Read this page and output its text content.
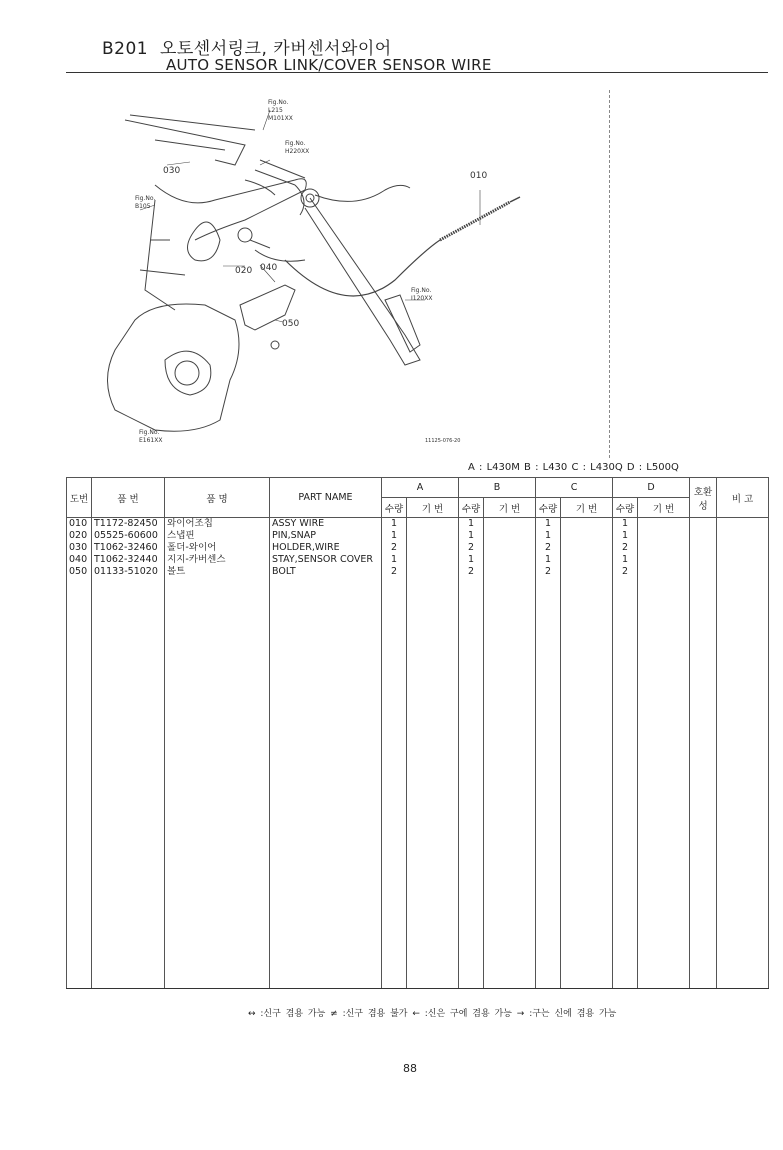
B201 오토센서링크, 카버센서와이어
AUTO SENSOR LINK/COVER SENSOR WIRE
Fig.No.
L215
M101XX
Fig.No.
H220XX
Fig.No.
B105
Fig.No.
I120XX
Fig.No.
E161XX
010
020
030
040
050
11125-076-20
A : L430M B : L430 C : L430Q D : L500Q
도번	품 번	품 명	PART NAME	A		B		C		D		호환성	비 고
				수량	기 번	수량	기 번	수량	기 번	수량	기 번		
010	T1172-82450	와이어조칩	ASSY WIRE	1		1		1		1			
020	05525-60600	스냅핀	PIN,SNAP	1		1		1		1			
030	T1062-32460	홀더-와이어	HOLDER,WIRE	2		2		2		2			
040	T1062-32440	지지-카버센스	STAY,SENSOR COVER	1		1		1		1			
050	01133-51020	볼트	BOLT	2		2		2		2			

↔ :신구 겸용 가능 ≠ :신구 겸용 불가 ← :신은 구에 겸용 가능 → :구는 신에 겸용 가능
88
